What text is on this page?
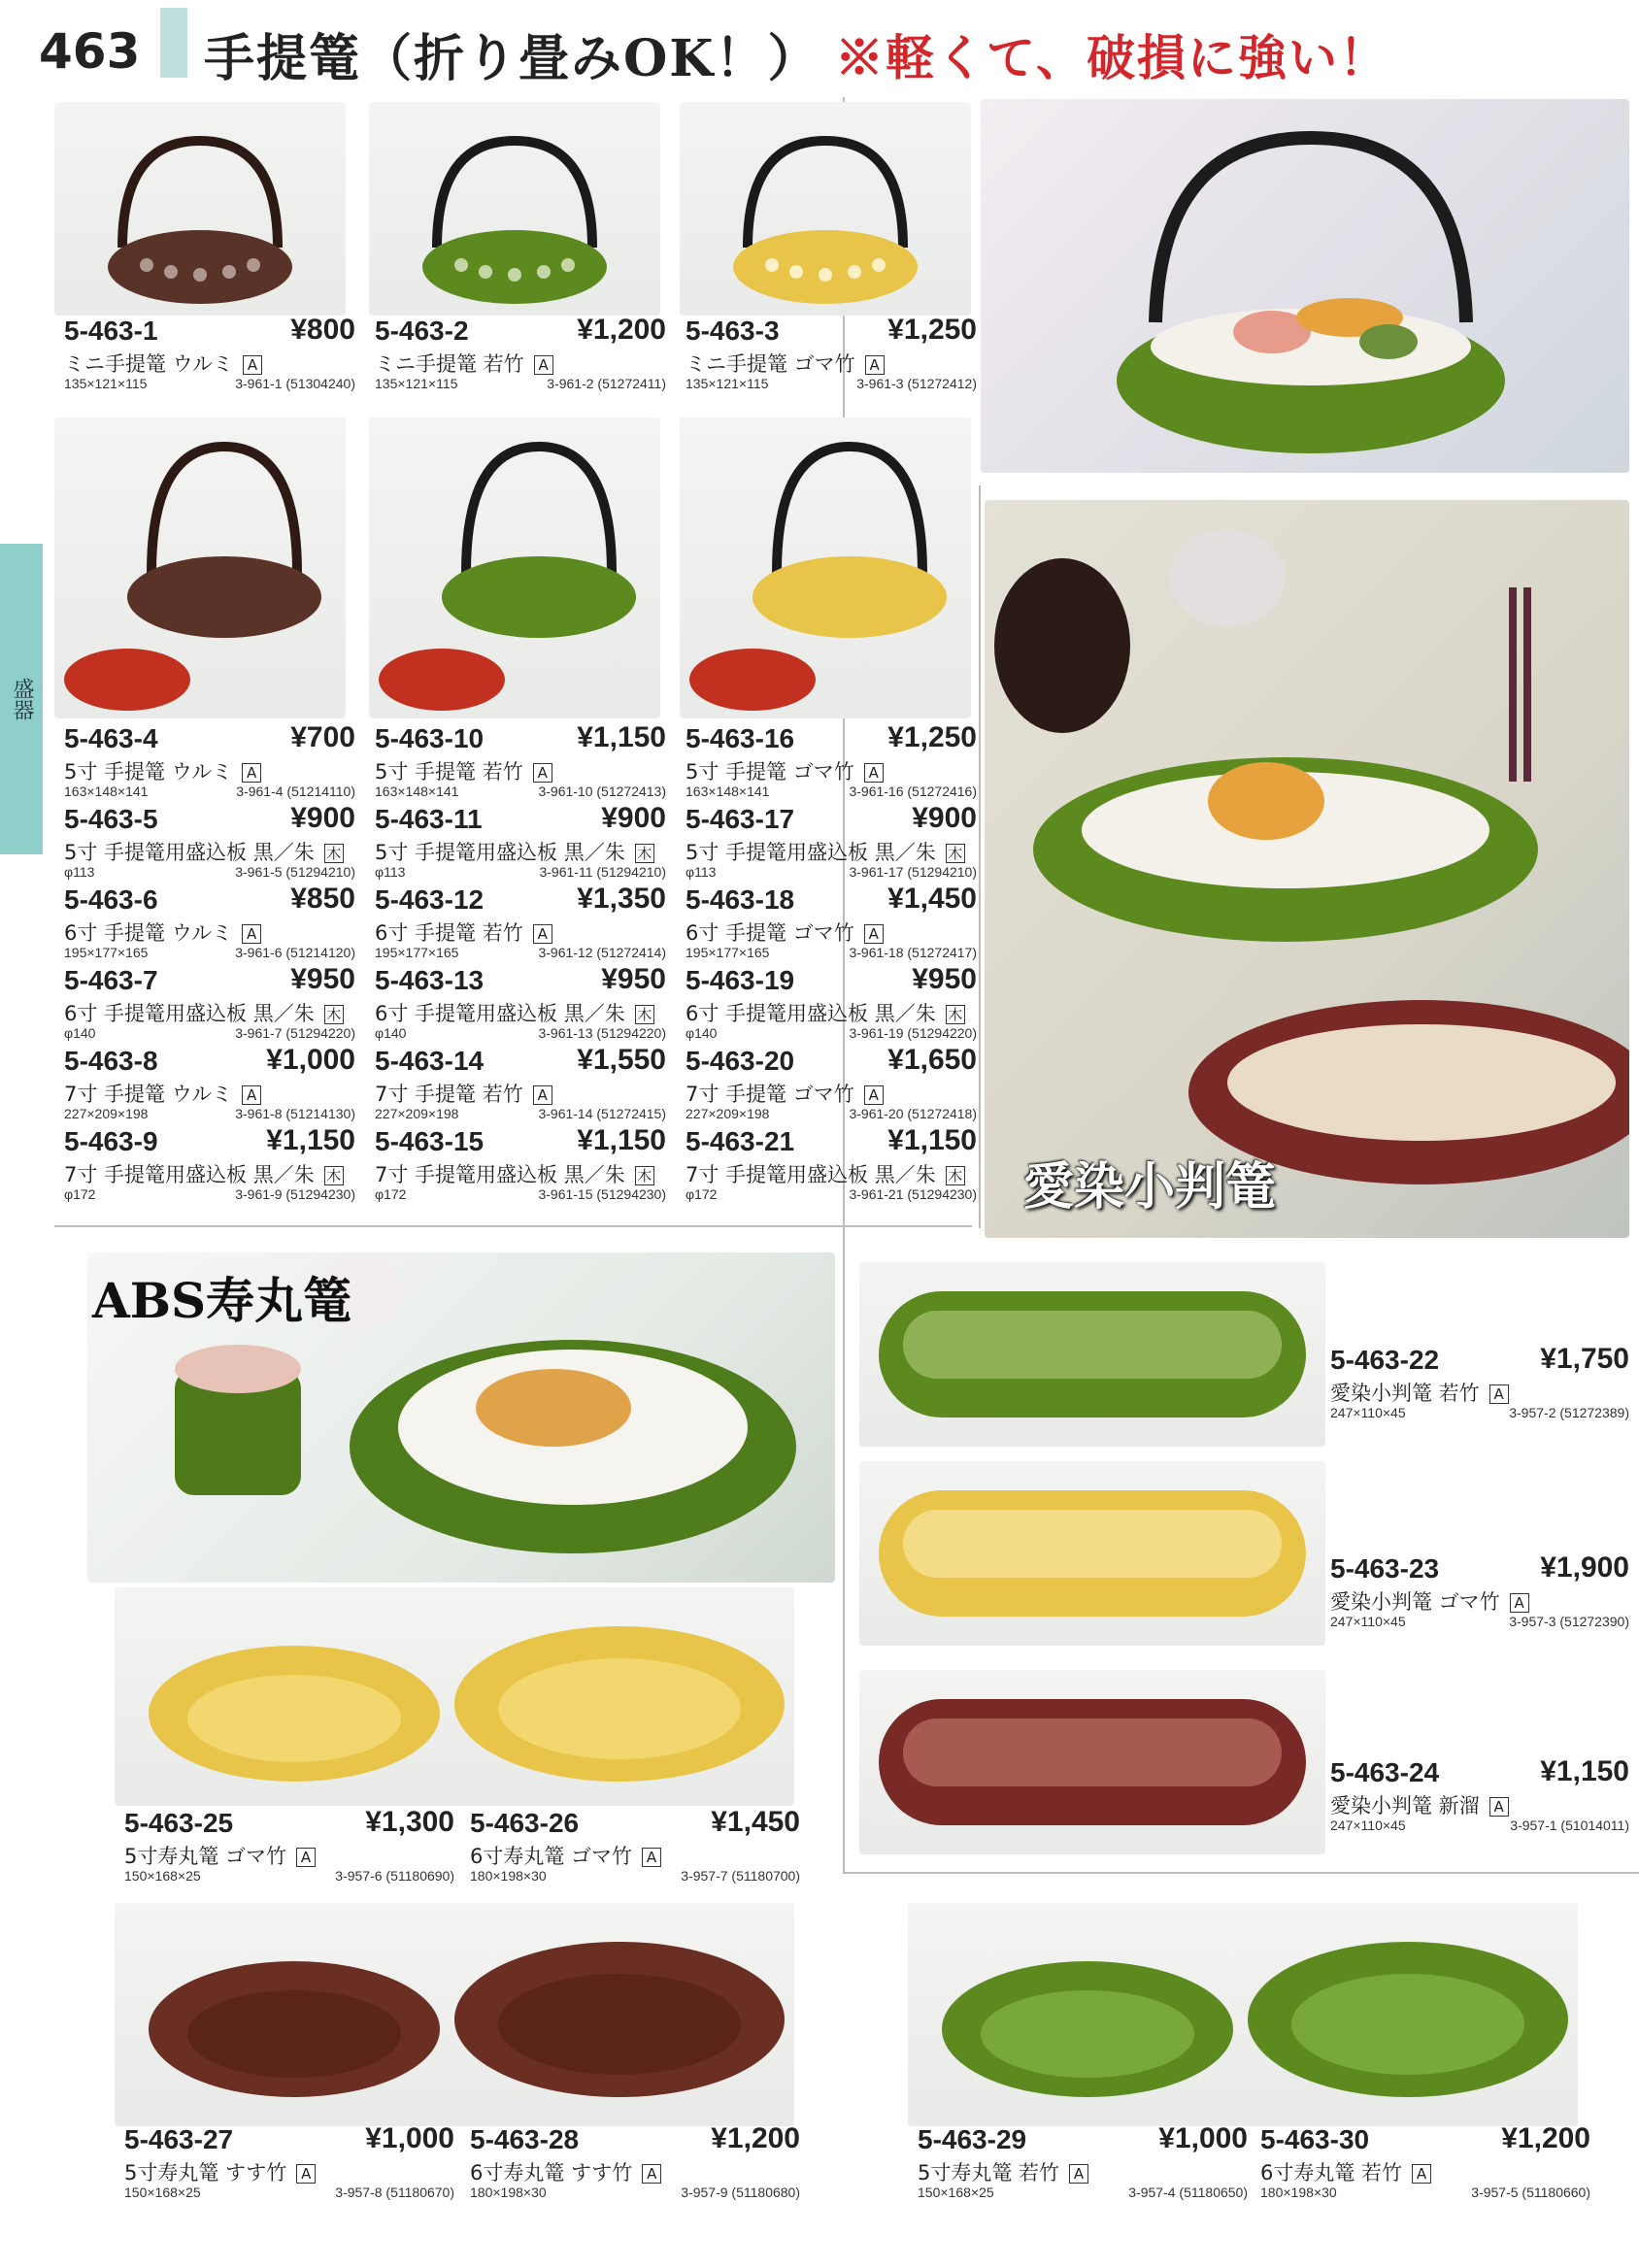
463 手提篭（折り畳みOK！） ※軽くて、破損に強い！
盛器
愛染小判篭
ABS寿丸篭
5-463-1	¥800
ミニ手提篭 ウルミ A
135×121×115	3-961-1 (51304240)
5-463-2	¥1,200
ミニ手提篭 若竹 A
135×121×115	3-961-2 (51272411)
5-463-3	¥1,250
ミニ手提篭 ゴマ竹 A
135×121×115	3-961-3 (51272412)
5-463-4	¥700
5寸 手提篭 ウルミ A
163×148×141	3-961-4 (51214110)
5-463-10	¥1,150
5寸 手提篭 若竹 A
163×148×141	3-961-10 (51272413)
5-463-16	¥1,250
5寸 手提篭 ゴマ竹 A
163×148×141	3-961-16 (51272416)
5-463-5	¥900
5寸 手提篭用盛込板 黒／朱 木
φ113	3-961-5 (51294210)
5-463-11	¥900
5寸 手提篭用盛込板 黒／朱 木
φ113	3-961-11 (51294210)
5-463-17	¥900
5寸 手提篭用盛込板 黒／朱 木
φ113	3-961-17 (51294210)
5-463-6	¥850
6寸 手提篭 ウルミ A
195×177×165	3-961-6 (51214120)
5-463-12	¥1,350
6寸 手提篭 若竹 A
195×177×165	3-961-12 (51272414)
5-463-18	¥1,450
6寸 手提篭 ゴマ竹 A
195×177×165	3-961-18 (51272417)
5-463-7	¥950
6寸 手提篭用盛込板 黒／朱 木
φ140	3-961-7 (51294220)
5-463-13	¥950
6寸 手提篭用盛込板 黒／朱 木
φ140	3-961-13 (51294220)
5-463-19	¥950
6寸 手提篭用盛込板 黒／朱 木
φ140	3-961-19 (51294220)
5-463-8	¥1,000
7寸 手提篭 ウルミ A
227×209×198	3-961-8 (51214130)
5-463-14	¥1,550
7寸 手提篭 若竹 A
227×209×198	3-961-14 (51272415)
5-463-20	¥1,650
7寸 手提篭 ゴマ竹 A
227×209×198	3-961-20 (51272418)
5-463-9	¥1,150
7寸 手提篭用盛込板 黒／朱 木
φ172	3-961-9 (51294230)
5-463-15	¥1,150
7寸 手提篭用盛込板 黒／朱 木
φ172	3-961-15 (51294230)
5-463-21	¥1,150
7寸 手提篭用盛込板 黒／朱 木
φ172	3-961-21 (51294230)
5-463-22	¥1,750
愛染小判篭 若竹 A
247×110×45	3-957-2 (51272389)
5-463-23	¥1,900
愛染小判篭 ゴマ竹 A
247×110×45	3-957-3 (51272390)
5-463-24	¥1,150
愛染小判篭 新溜 A
247×110×45	3-957-1 (51014011)
5-463-25	¥1,300
5寸寿丸篭 ゴマ竹 A
150×168×25	3-957-6 (51180690)
5-463-26	¥1,450
6寸寿丸篭 ゴマ竹 A
180×198×30	3-957-7 (51180700)
5-463-27	¥1,000
5寸寿丸篭 すす竹 A
150×168×25	3-957-8 (51180670)
5-463-28	¥1,200
6寸寿丸篭 すす竹 A
180×198×30	3-957-9 (51180680)
5-463-29	¥1,000
5寸寿丸篭 若竹 A
150×168×25	3-957-4 (51180650)
5-463-30	¥1,200
6寸寿丸篭 若竹 A
180×198×30	3-957-5 (51180660)
